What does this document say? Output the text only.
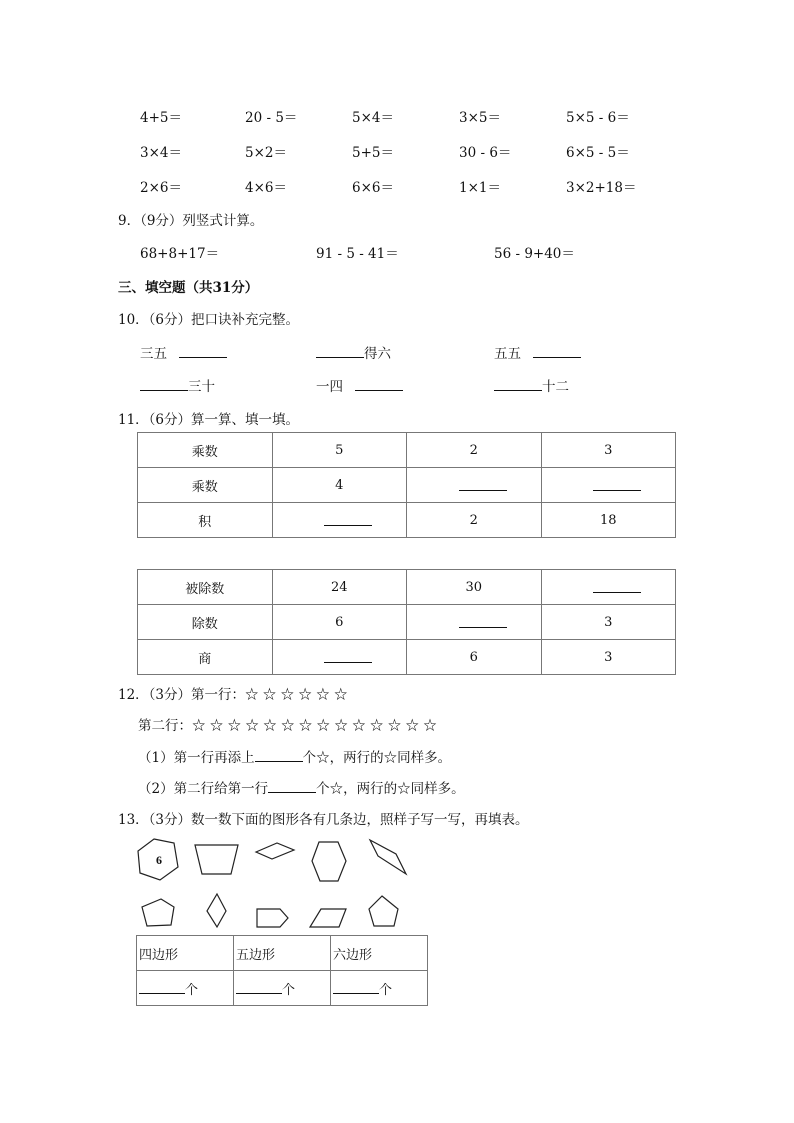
4+5＝	20 - 5＝	5×4＝	3×5＝	5×5 - 6＝
3×4＝	5×2＝	5+5＝	30 - 6＝	6×5 - 5＝
2×6＝	4×6＝	6×6＝	1×1＝	3×2+18＝
9．（9分）列竖式计算。
68+8+17＝	91 - 5 - 41＝	56 - 9+40＝
三、填空题（共31分）
10．（6分）把口诀补充完整。
三五	得六	五五
三十	一四	十二
11．（6分）算一算、填一填。
乘数	5	2	3
乘数	4		
积		2	18
被除数	24	30	
除数	6		3
商		6	3
12．（3分）第一行：☆ ☆ ☆ ☆ ☆ ☆
第二行：☆ ☆ ☆ ☆ ☆ ☆ ☆ ☆ ☆ ☆ ☆ ☆ ☆ ☆
（1）第一行再添上	个☆，两行的☆同样多。
（2）第二行给第一行	个☆，两行的☆同样多。
13．（3分）数一数下面的图形各有几条边，照样子写一写，再填表。
6
四边形	五边形	六边形
个	个	个
